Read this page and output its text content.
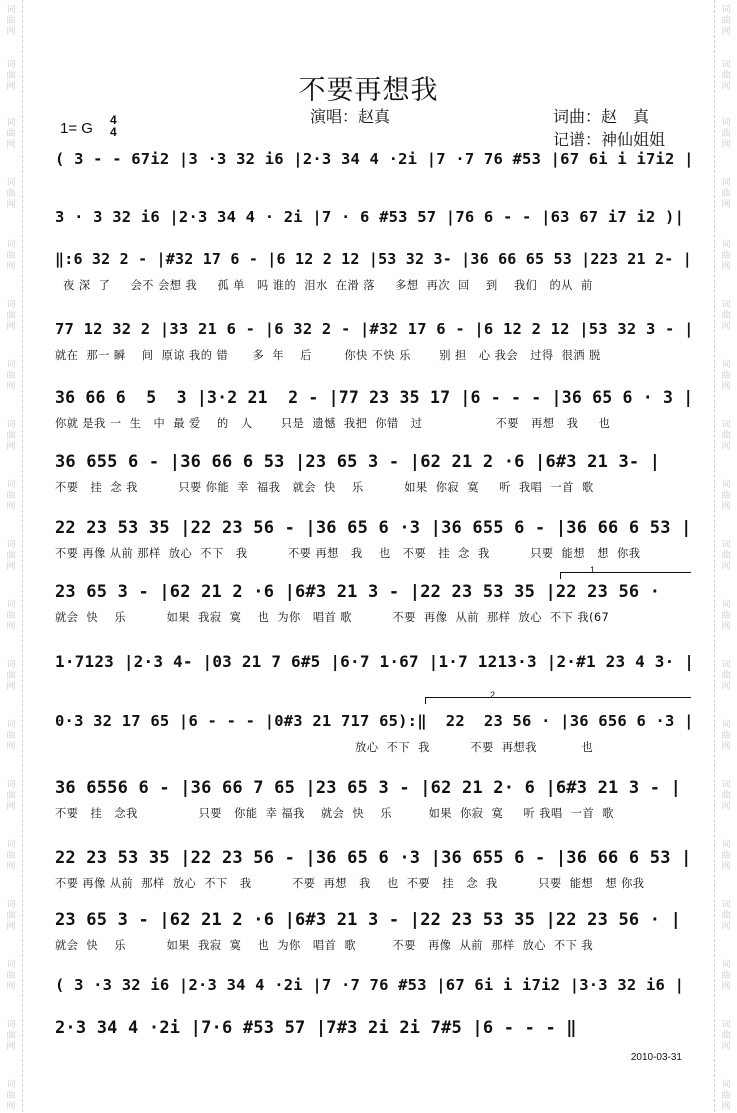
词
曲
网
词
曲
网
词
曲
网
词
曲
网
词
曲
网
词
曲
网
词
曲
网
词
曲
网
词
曲
网
词
曲
网
词
曲
网
词
曲
网
词
曲
网
词
曲
网
词
曲
网
词
曲
网
词
曲
网
词
曲
网
词
曲
网
词
曲
网
词
曲
网
词
曲
网
词
曲
网
词
曲
网
词
曲
网
词
曲
网
词
曲
网
词
曲
网
词
曲
网
词
曲
网
词
曲
网
词
曲
网
词
曲
网
词
曲
网
词
曲
网
词
曲
网
词
曲
网
词
曲
网
不要再想我
演唱：赵真	词曲：赵　真
记谱：神仙姐姐
1= G 4
4
( 3 - - 67i2 |3 ·3 32 i6 |2·3 34 4 ·2i |7 ·7 76 #53 |67 6i i i7i2 |
3 · 3 32 i6 |2·3 34 4 · 2i |7 · 6 #53 57 |76 6 - - |63 67 i7 i2 )|
‖:6 32 2 - |#32 17 6 - |6 12 2 12 |53 32 3- |36 66 65 53 |223 21 2- |
夜 深  了     会不 会想 我     孤 单   吗 谁的  泪水  在滑 落     多想  再次  回    到    我们   的从  前
77 12 32 2 |33 21 6 - |6 32 2 - |#32 17 6 - |6 12 2 12 |53 32 3 - |
就在  那一 瞬    间  原谅 我的 错      多  年    后        你快 不快 乐       别 担   心 我会   过得  很洒 脱
36 66 6  5  3 |3·2 21  2 - |77 23 35 17 |6 - - - |36 65 6 · 3 |
你就 是我 一  生   中  最 爱    的   人       只是  遗憾  我把  你错   过                  不要   再想   我     也
36 655 6 - |36 66 6 53 |23 65 3 - |62 21 2 ·6 |6#3 21 3- |
不要   挂  念 我          只要 你能  幸  福我   就会  快    乐          如果  你寂  寞     听  我唱  一首  歌
22 23 53 35 |22 23 56 - |36 65 6 ·3 |36 655 6 - |36 66 6 53 |
不要 再像 从前 那样  放心  不下   我          不要 再想   我    也   不要   挂  念  我          只要  能想   想  你我
23 65 3 - |62 21 2 ·6 |6#3 21 3 - |22 23 53 35 |22 23 56 ·
就会  快    乐          如果  我寂  寞    也  为你   唱首 歌          不要  再像  从前  那样  放心  不下 我(67
1·7123 |2·3 4- |03 21 7 6#5 |6·7 1·67 |1·7 1213·3 |2·#1 23 4 3· |
0·3 32 17 65 |6 - - - |0#3 21 717 65):‖  22  23 56 · |36 656 6 ·3 |
放心  不下  我          不要  再想我           也
36 6556 6 - |36 66 7 65 |23 65 3 - |62 21 2· 6 |6#3 21 3 - |
不要   挂   念我               只要   你能  幸 福我    就会  快    乐         如果  你寂  寞     听 我唱  一首  歌
22 23 53 35 |22 23 56 - |36 65 6 ·3 |36 655 6 - |36 66 6 53 |
不要 再像 从前  那样  放心  不下   我          不要  再想   我    也  不要   挂   念  我          只要  能想   想 你我
23 65 3 - |62 21 2 ·6 |6#3 21 3 - |22 23 53 35 |22 23 56 · |
就会  快    乐          如果  我寂  寞    也  为你   唱首  歌         不要   再像  从前  那样  放心  不下 我
( 3 ·3 32 i6 |2·3 34 4 ·2i |7 ·7 76 #53 |67 6i i i7i2 |3·3 32 i6 |
2·3 34 4 ·2i |7·6 #53 57 |7#3 2i 2i 7#5 |6 - - - ‖
1
2
2010-03-31
